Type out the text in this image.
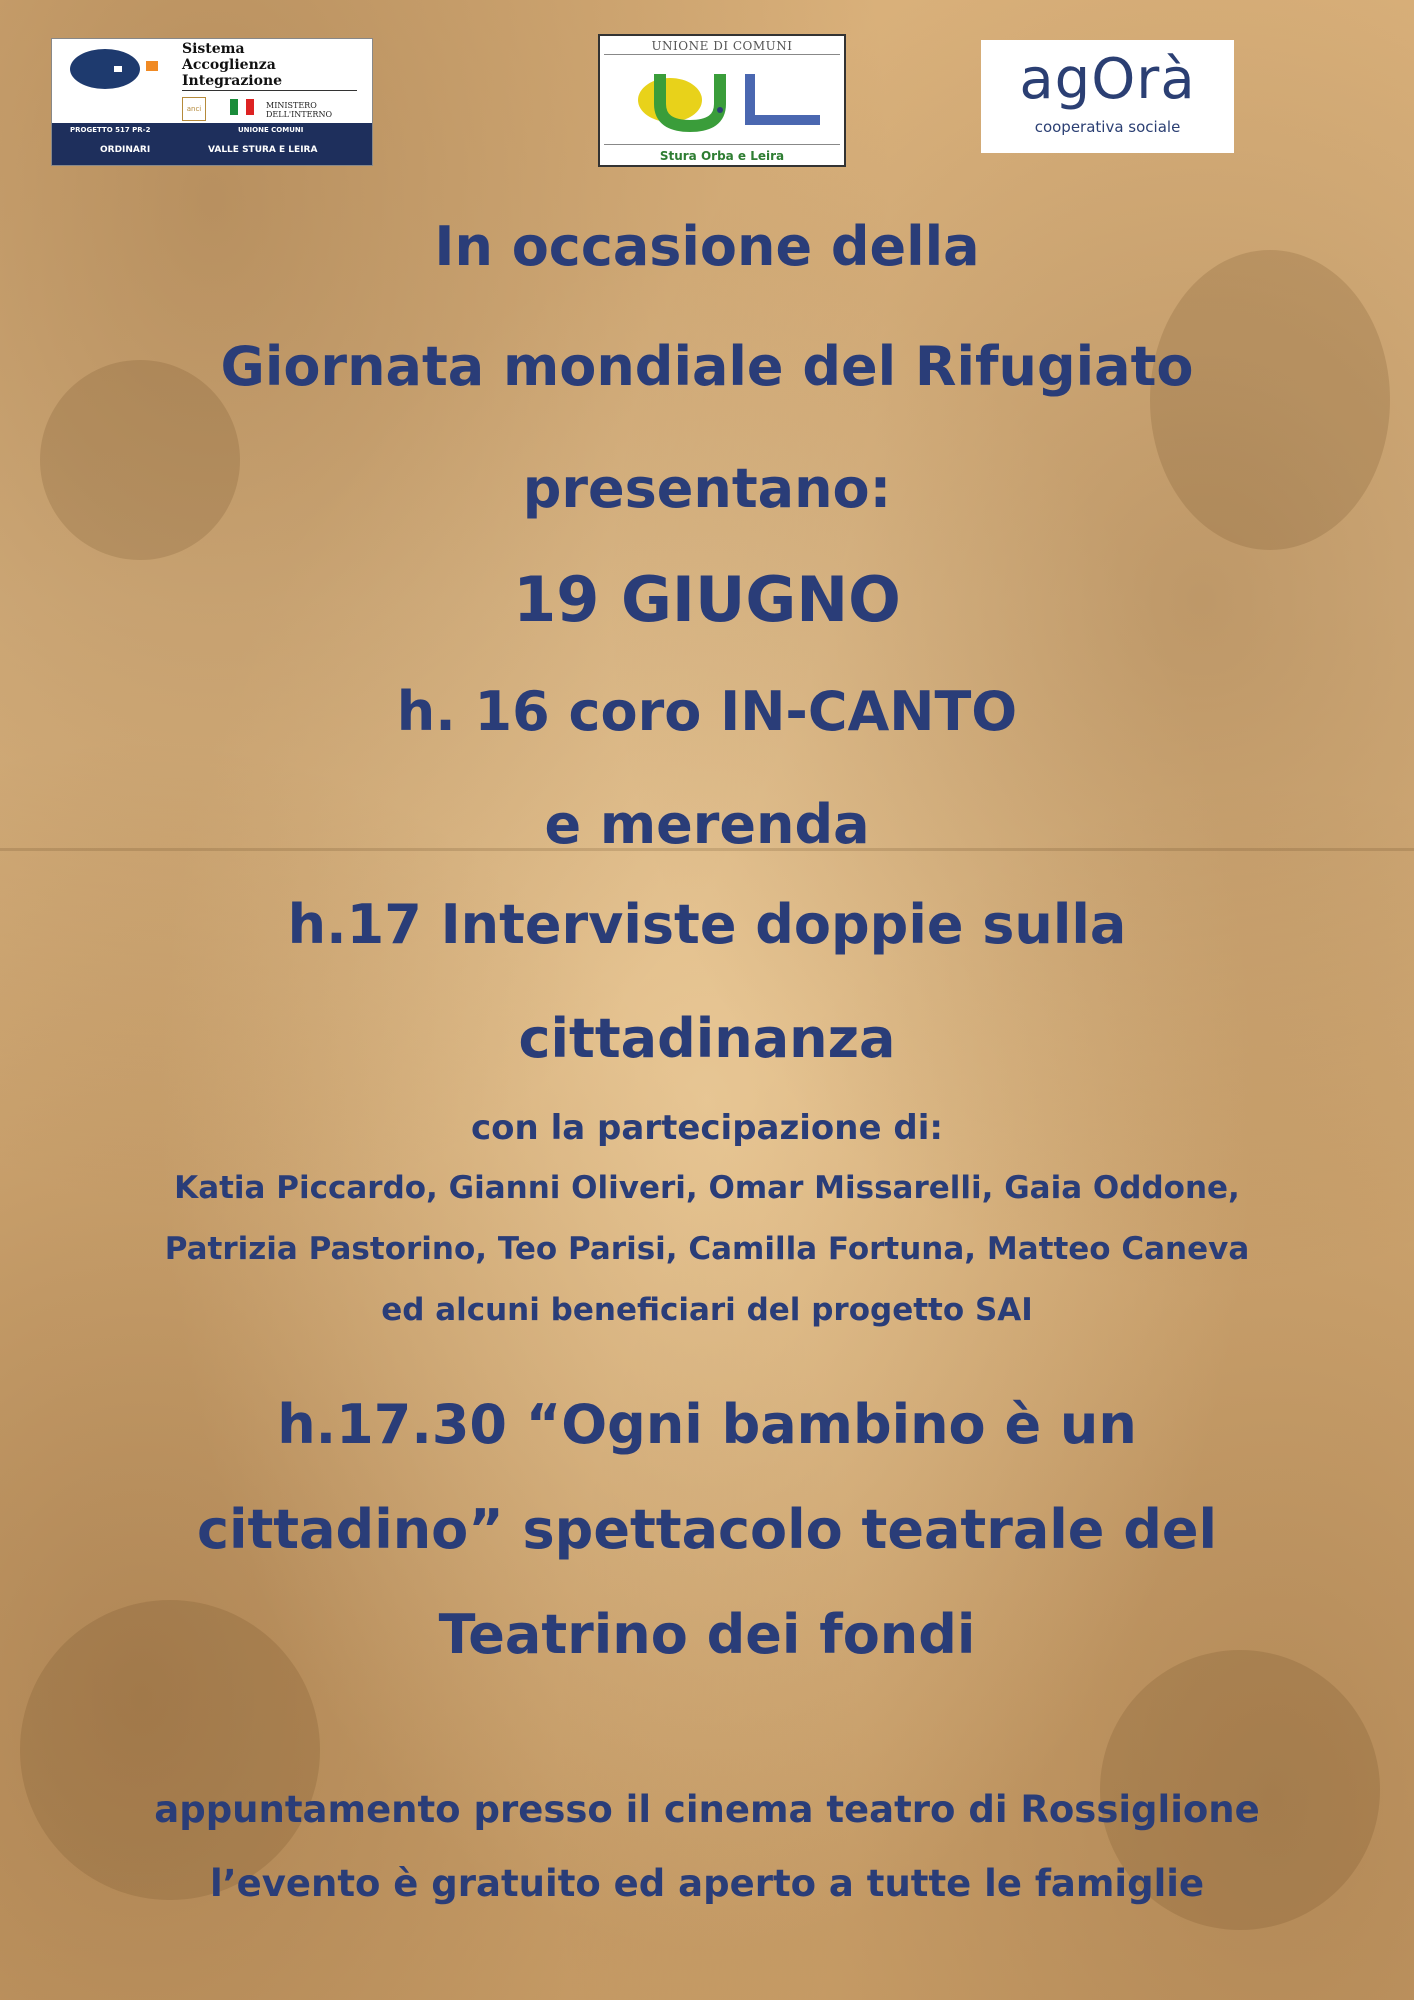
Sistema
Accoglienza
Integrazione
anci	MINISTERO
DELL'INTERNO
PROGETTO 517 PR-2
ORDINARI
UNIONE COMUNI
VALLE STURA E LEIRA
UNIONE DI COMUNI
Stura Orba e Leira
agOrà
cooperativa sociale
In occasione della
Giornata mondiale del Rifugiato
presentano:
19 GIUGNO
h. 16 coro IN-CANTO
e merenda
h.17 Interviste doppie sulla
cittadinanza
con la partecipazione di:
Katia Piccardo, Gianni Oliveri, Omar Missarelli, Gaia Oddone,
Patrizia Pastorino, Teo Parisi, Camilla Fortuna, Matteo Caneva
ed alcuni beneficiari del progetto SAI
h.17.30 “Ogni bambino è un
cittadino” spettacolo teatrale del
Teatrino dei fondi
appuntamento presso il cinema teatro di Rossiglione
l’evento è gratuito ed aperto a tutte le famiglie
